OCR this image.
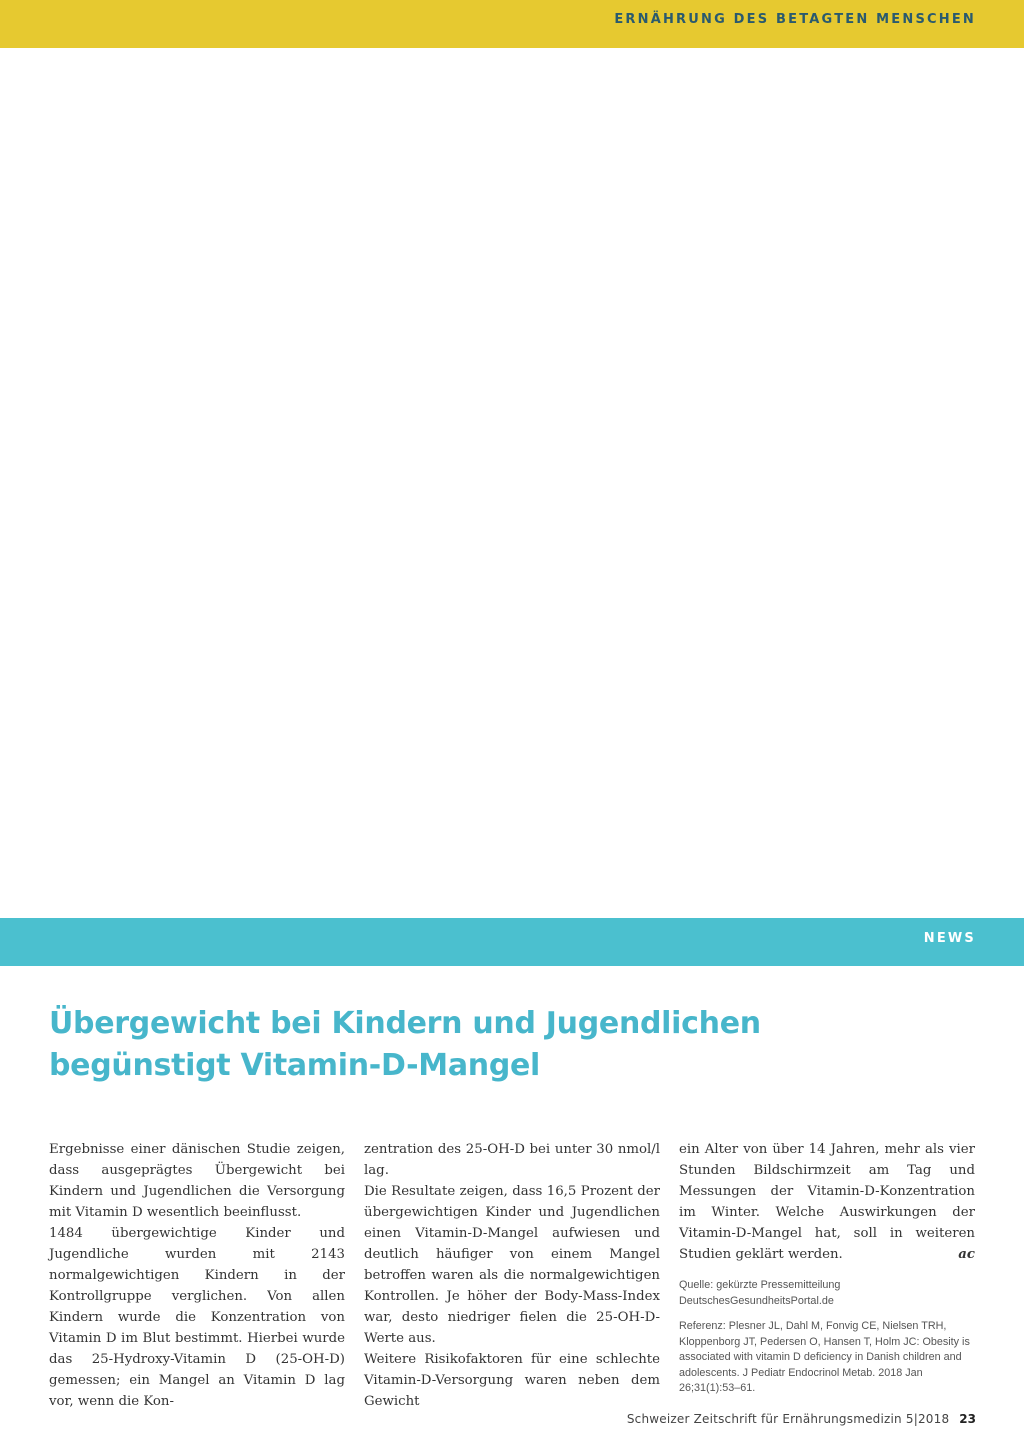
ERNÄHRUNG DES BETAGTEN MENSCHEN
NEWS
Übergewicht bei Kindern und Jugendlichen
begünstigt Vitamin-D-Mangel

Ergebnisse einer dänischen Studie zeigen, dass ausgeprägtes Übergewicht bei Kindern und Jugendlichen die Versorgung mit Vitamin D wesentlich beeinflusst.

1484 übergewichtige Kinder und Jugendliche wurden mit 2143 normalgewichtigen Kindern in der Kontrollgruppe verglichen. Von allen Kindern wurde die Konzentration von Vitamin D im Blut bestimmt. Hierbei wurde das 25-Hydroxy-Vitamin D (25-OH-D) gemessen; ein Mangel an Vitamin D lag vor, wenn die Kon-

zentration des 25-OH-D bei unter 30 nmol/l lag.

Die Resultate zeigen, dass 16,5 Prozent der übergewichtigen Kinder und Jugendlichen einen Vitamin-D-Mangel aufwiesen und deutlich häufiger von einem Mangel betroffen waren als die normalgewichtigen Kontrollen. Je höher der Body-Mass-Index war, desto niedriger fielen die 25-OH-D-Werte aus.

Weitere Risikofaktoren für eine schlechte Vitamin-D-Versorgung waren neben dem Gewicht

ein Alter von über 14 Jahren, mehr als vier Stunden Bildschirmzeit am Tag und Messungen der Vitamin-D-Konzentration im Winter. Welche Auswirkungen der Vitamin-D-Mangel hat, soll in weiteren Studien geklärt werden.	ac

Quelle: gekürzte Pressemitteilung DeutschesGesundheitsPortal.de

Referenz: Plesner JL, Dahl M, Fonvig CE, Nielsen TRH, Kloppenborg JT, Pedersen O, Hansen T, Holm JC: Obesity is associated with vitamin D deficiency in Danish children and adolescents. J Pediatr Endocrinol Metab. 2018 Jan 26;31(1):53–61.

Schweizer Zeitschrift für Ernährungsmedizin 5|2018 23
